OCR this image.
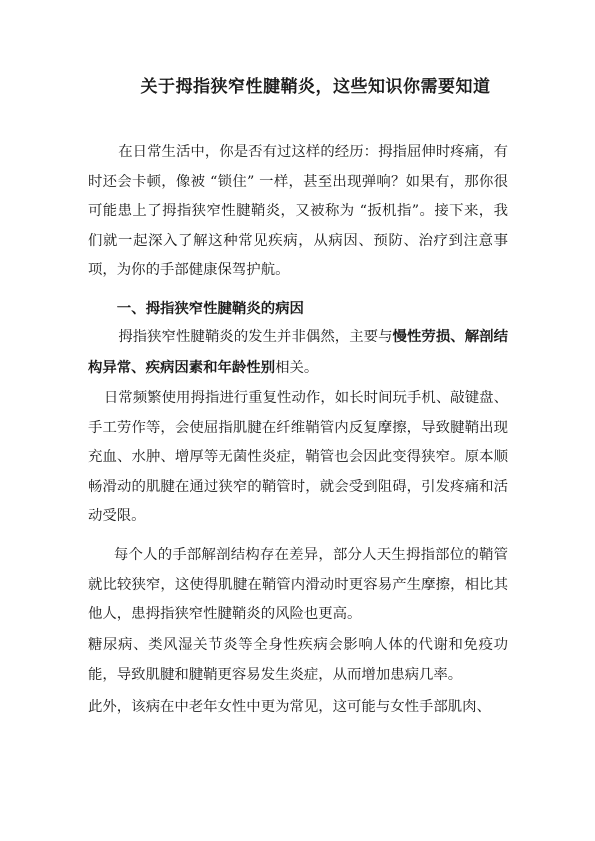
关于拇指狭窄性腱鞘炎，这些知识你需要知道

在日常生活中，你是否有过这样的经历：拇指屈伸时疼痛，有时还会卡顿，像被 “锁住” 一样，甚至出现弹响？如果有，那你很可能患上了拇指狭窄性腱鞘炎，又被称为 “扳机指”。接下来，我们就一起深入了解这种常见疾病，从病因、预防、治疗到注意事项，为你的手部健康保驾护航。

一、拇指狭窄性腱鞘炎的病因

拇指狭窄性腱鞘炎的发生并非偶然，主要与慢性劳损、解剖结构异常、疾病因素和年龄性别相关。

日常频繁使用拇指进行重复性动作，如长时间玩手机、敲键盘、手工劳作等，会使屈指肌腱在纤维鞘管内反复摩擦，导致腱鞘出现充血、水肿、增厚等无菌性炎症，鞘管也会因此变得狭窄。原本顺畅滑动的肌腱在通过狭窄的鞘管时，就会受到阻碍，引发疼痛和活动受限。

每个人的手部解剖结构存在差异，部分人天生拇指部位的鞘管就比较狭窄，这使得肌腱在鞘管内滑动时更容易产生摩擦，相比其他人，患拇指狭窄性腱鞘炎的风险也更高。

糖尿病、类风湿关节炎等全身性疾病会影响人体的代谢和免疫功能，导致肌腱和腱鞘更容易发生炎症，从而增加患病几率。

此外，该病在中老年女性中更为常见，这可能与女性手部肌肉、
